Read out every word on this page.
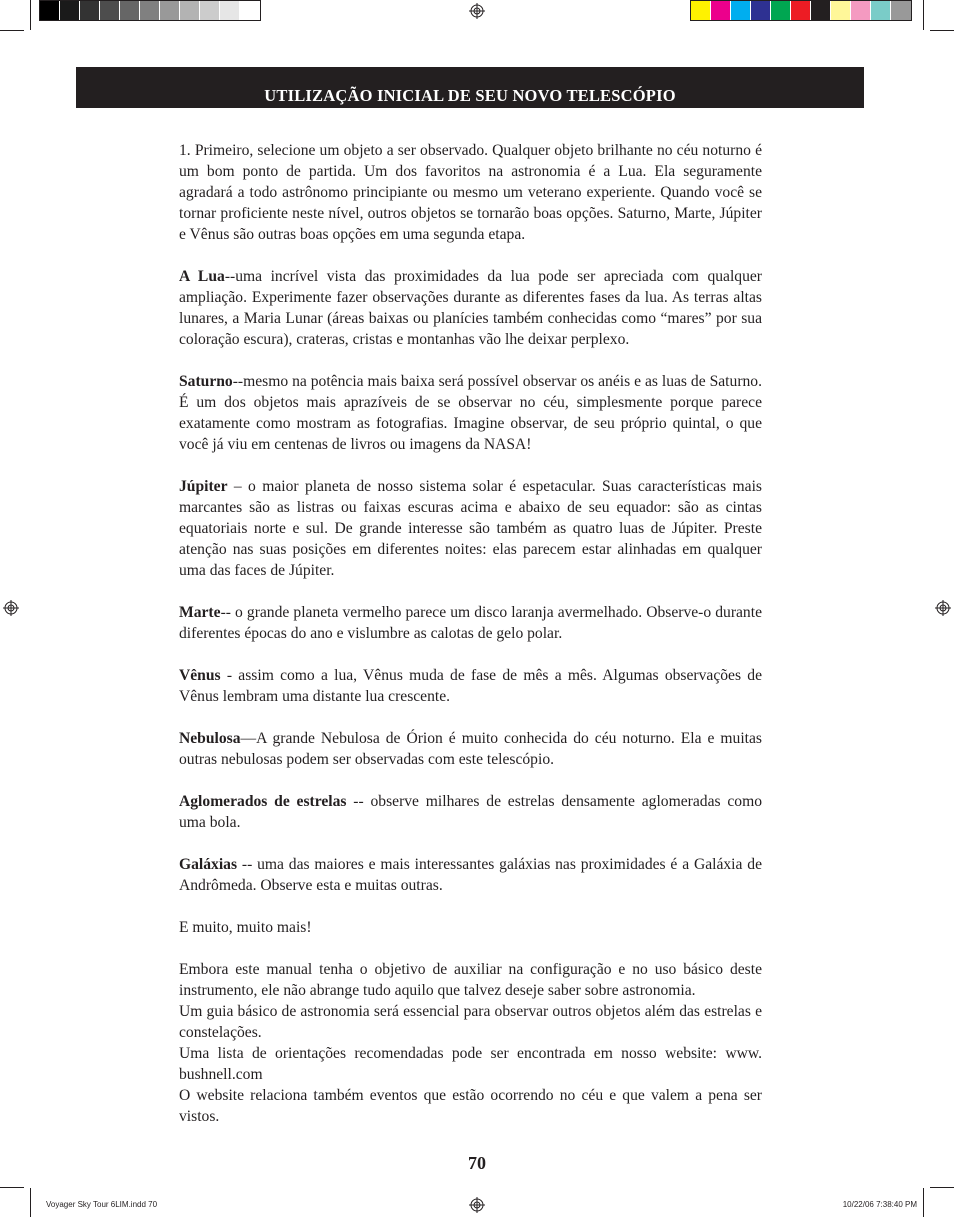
UTILIZAÇÃO INICIAL DE SEU NOVO TELESCÓPIO

1. Primeiro, selecione um objeto a ser observado. Qualquer objeto brilhante no céu noturno é um bom ponto de partida. Um dos favoritos na astronomia é a Lua. Ela seguramente agradará a todo astrônomo principiante ou mesmo um veterano experiente. Quando você se tornar proficiente neste nível, outros objetos se tornarão boas opções. Saturno, Marte, Júpiter e Vênus são outras boas opções em uma segunda etapa.

A Lua--uma incrível vista das proximidades da lua pode ser apreciada com qualquer ampliação. Experimente fazer observações durante as diferentes fases da lua. As terras altas lunares, a Maria Lunar (áreas baixas ou planícies também conhecidas como “mares” por sua coloração escura), crateras, cristas e montanhas vão lhe deixar perplexo.

Saturno--mesmo na potência mais baixa será possível observar os anéis e as luas de Saturno. É um dos objetos mais aprazíveis de se observar no céu, simplesmente porque parece exatamente como mostram as fotografias. Imagine observar, de seu próprio quintal, o que você já viu em centenas de livros ou imagens da NASA!

Júpiter – o maior planeta de nosso sistema solar é espetacular. Suas características mais marcantes são as listras ou faixas escuras acima e abaixo de seu equador: são as cintas equatoriais norte e sul. De grande interesse são também as quatro luas de Júpiter. Preste atenção nas suas posições em diferentes noites: elas parecem estar alinhadas em qualquer uma das faces de Júpiter.

Marte-- o grande planeta vermelho parece um disco laranja avermelhado. Observe-o durante diferentes épocas do ano e vislumbre as calotas de gelo polar.

Vênus - assim como a lua, Vênus muda de fase de mês a mês. Algumas observações de Vênus lembram uma distante lua crescente.

Nebulosa—A grande Nebulosa de Órion é muito conhecida do céu noturno. Ela e muitas outras nebulosas podem ser observadas com este telescópio.

Aglomerados de estrelas -- observe milhares de estrelas densamente aglomeradas como uma bola.

Galáxias -- uma das maiores e mais interessantes galáxias nas proximidades é a Galáxia de Andrômeda. Observe esta e muitas outras.

E muito, muito mais!

Embora este manual tenha o objetivo de auxiliar na configuração e no uso básico deste instrumento, ele não abrange tudo aquilo que talvez deseje saber sobre astronomia.

Um guia básico de astronomia será essencial para observar outros objetos além das estrelas e constelações.

Uma lista de orientações recomendadas pode ser encontrada em nosso website: www. bushnell.com

O website relaciona também eventos que estão ocorrendo no céu e que valem a pena ser vistos.

70
Voyager Sky Tour 6LIM.indd 70	10/22/06 7:38:40 PM
